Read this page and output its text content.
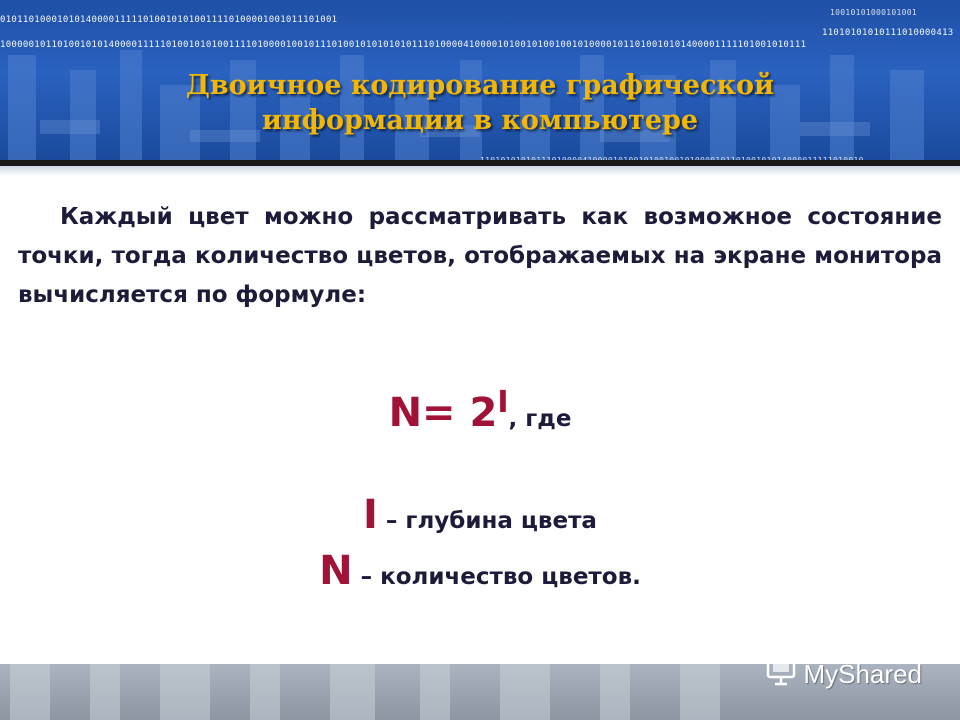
01011010001010140000111110100101010011110100001001011101001
100000101101001010140000111110100101010011110100001001011101001010101010111010000410000101001010010010100001011010010101400001111101001010111
10010101000101001
11010101010111010000413
Двоичное кодирование графической
информации в компьютере
Каждый цвет можно рассматривать как возможное состояние точки, тогда количество цветов, отображаемых на экране монитора вычисляется по формуле:
N= 2I, где
I – глубина цвета
N – количество цветов.
MyShared
